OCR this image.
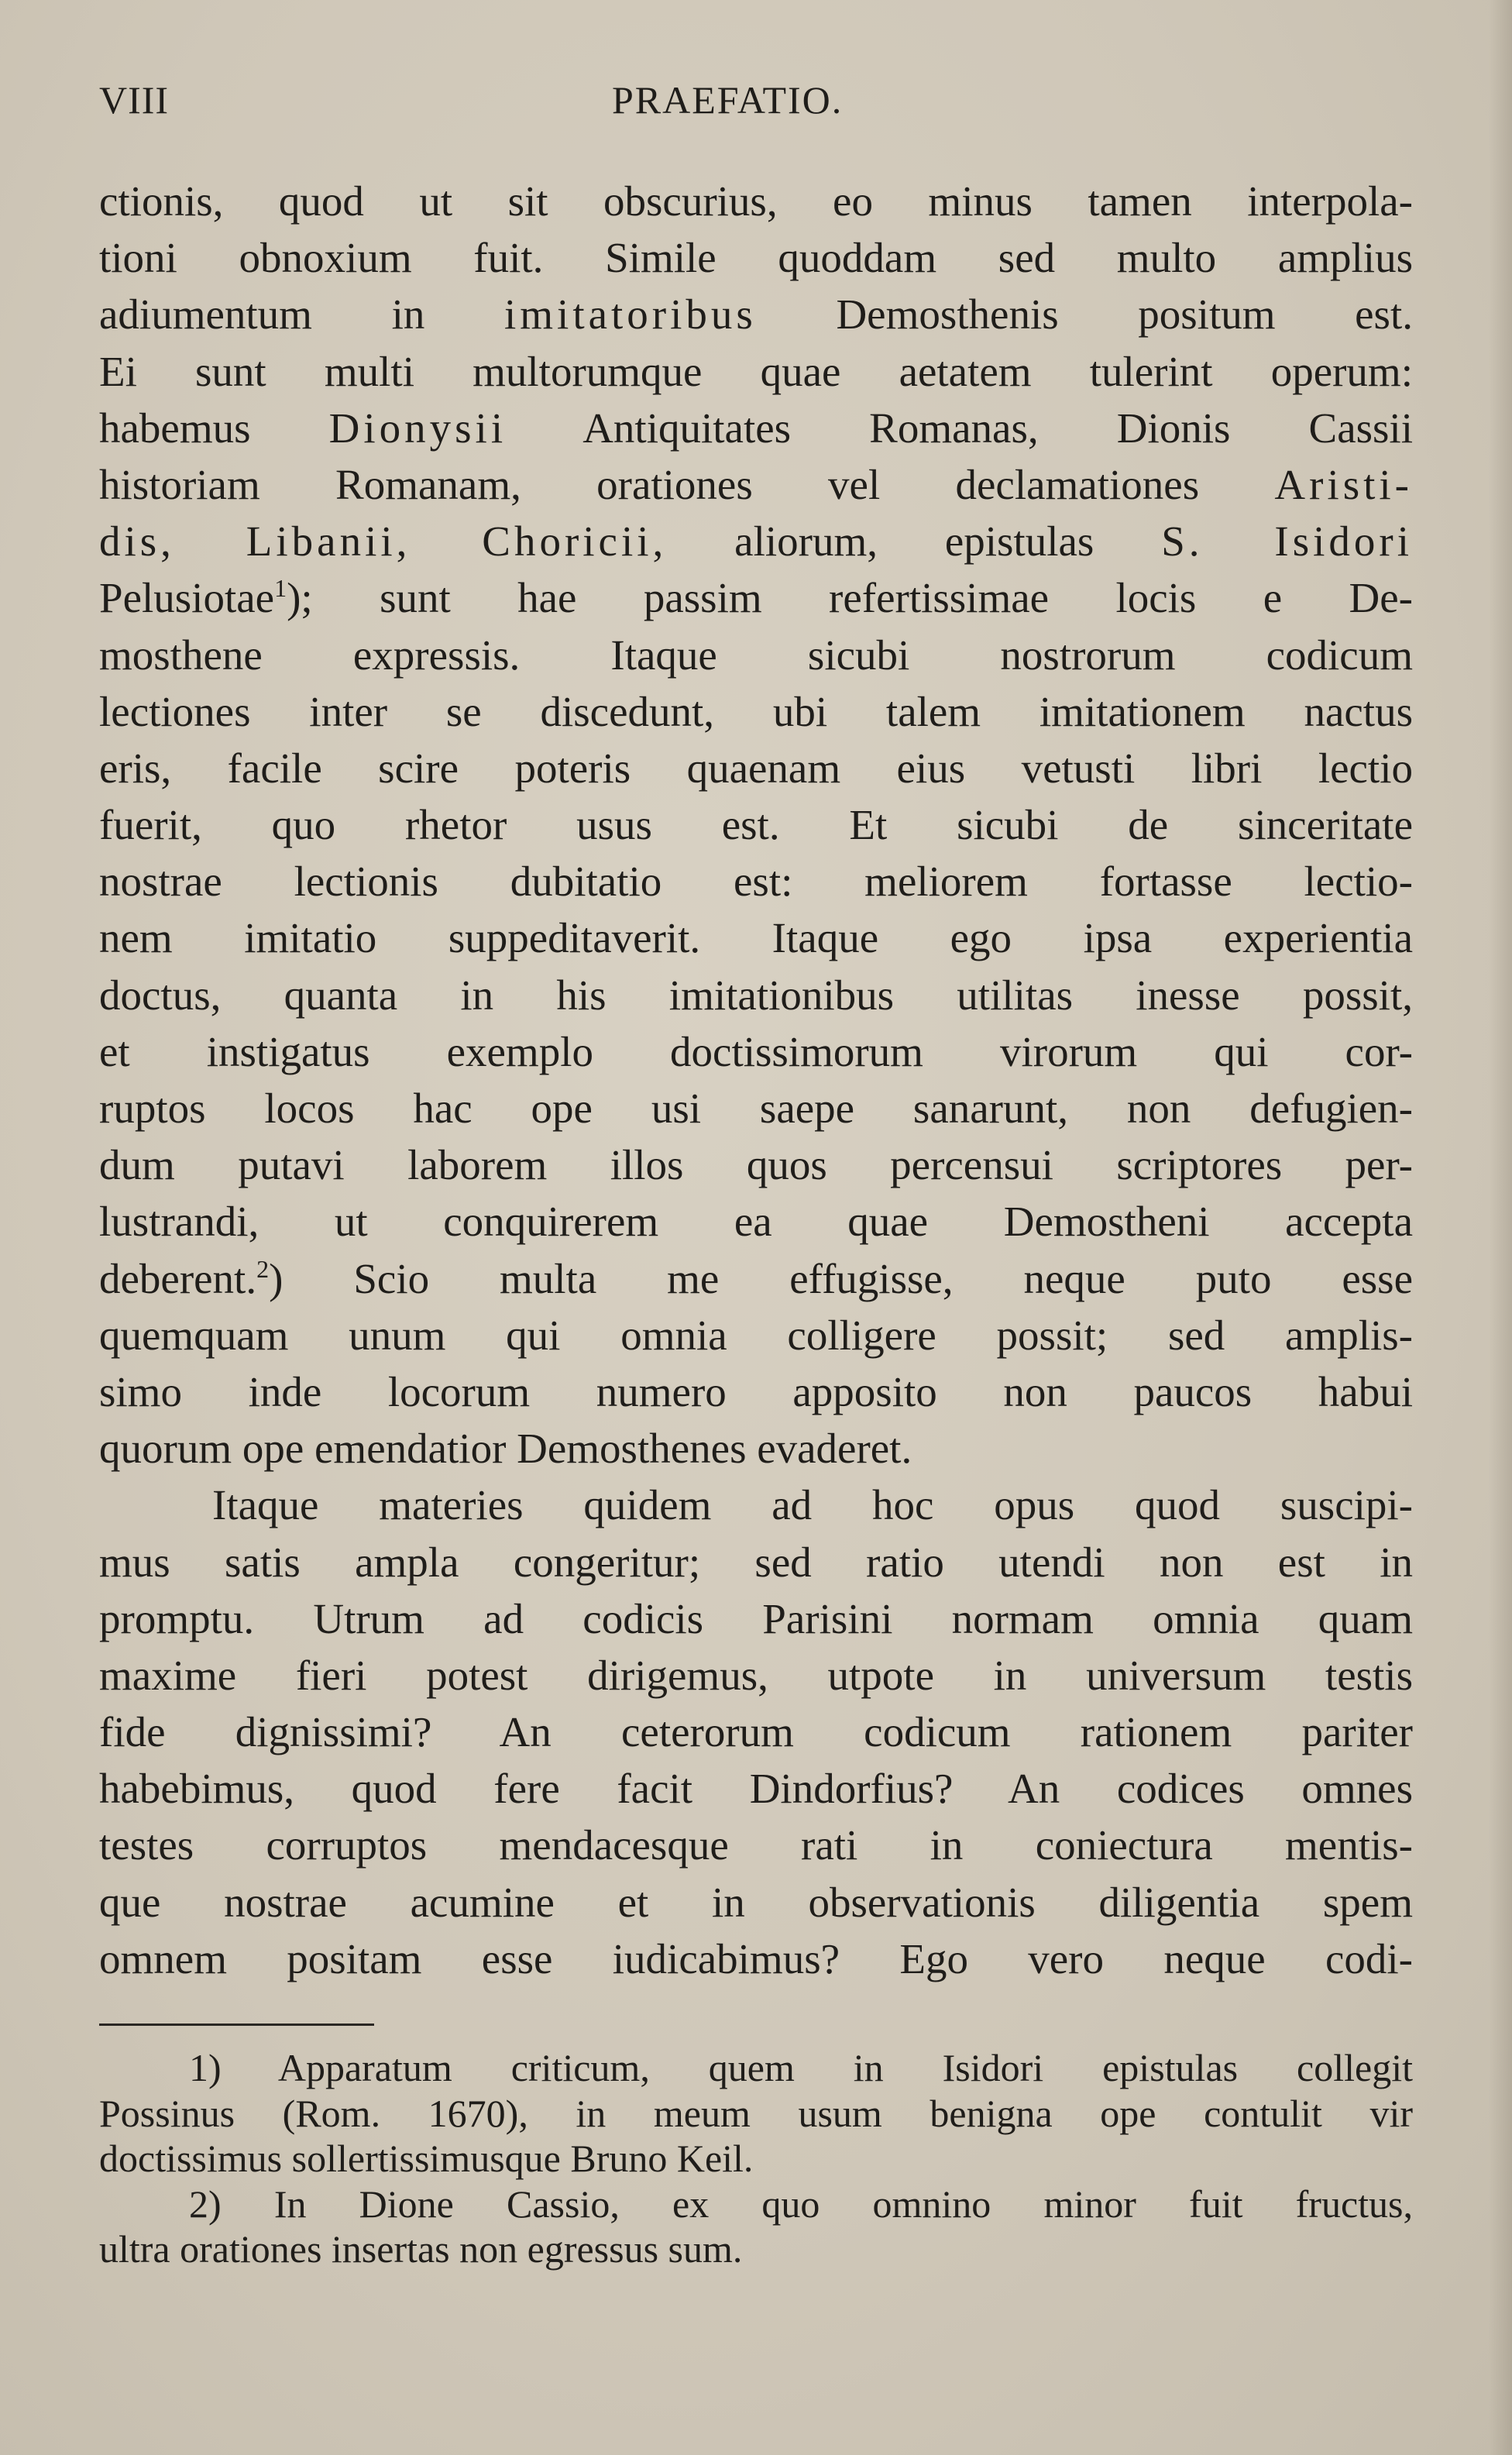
VIII	PRAEFATIO.
ctionis, quod ut sit obscurius, eo minus tamen interpola-
tioni obnoxium fuit. Simile quoddam sed multo amplius
adiumentum in imitatoribus Demosthenis positum est.
Ei sunt multi multorumque quae aetatem tulerint operum:
habemus Dionysii Antiquitates Romanas, Dionis Cassii
historiam Romanam, orationes vel declamationes Aristi-
dis, Libanii, Choricii, aliorum, epistulas S. Isidori
Pelusiotae$^1$); sunt hae passim refertissimae locis e De-
mosthene expressis. Itaque sicubi nostrorum codicum
lectiones inter se discedunt, ubi talem imitationem nactus
eris, facile scire poteris quaenam eius vetusti libri lectio
fuerit, quo rhetor usus est. Et sicubi de sinceritate
nostrae lectionis dubitatio est: meliorem fortasse lectio-
nem imitatio suppeditaverit. Itaque ego ipsa experientia
doctus, quanta in his imitationibus utilitas inesse possit,
et instigatus exemplo doctissimorum virorum qui cor-
ruptos locos hac ope usi saepe sanarunt, non defugien-
dum putavi laborem illos quos percensui scriptores per-
lustrandi, ut conquirerem ea quae Demostheni accepta
deberent.$^2$) Scio multa me effugisse, neque puto esse
quemquam unum qui omnia colligere possit; sed amplis-
simo inde locorum numero apposito non paucos habui
quorum ope emendatior Demosthenes evaderet.
Itaque materies quidem ad hoc opus quod suscipi-
mus satis ampla congeritur; sed ratio utendi non est in
promptu. Utrum ad codicis Parisini normam omnia quam
maxime fieri potest dirigemus, utpote in universum testis
fide dignissimi? An ceterorum codicum rationem pariter
habebimus, quod fere facit Dindorfius? An codices omnes
testes corruptos mendacesque rati in coniectura mentis-
que nostrae acumine et in observationis diligentia spem
omnem positam esse iudicabimus? Ego vero neque codi-
1) Apparatum criticum, quem in Isidori epistulas collegit
Possinus (Rom. 1670), in meum usum benigna ope contulit vir
doctissimus sollertissimusque Bruno Keil.
2) In Dione Cassio, ex quo omnino minor fuit fructus,
ultra orationes insertas non egressus sum.
